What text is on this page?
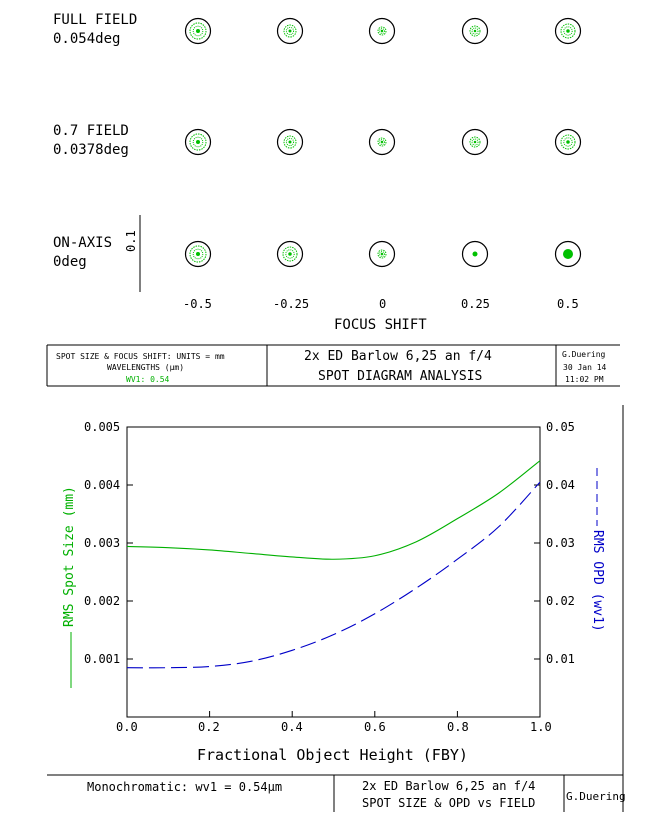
FULL FIELD
0.054deg
0.7 FIELD
0.0378deg
ON-AXIS
0deg
0.1
-0.5	-0.25	0	0.25	0.5
FOCUS SHIFT
SPOT SIZE & FOCUS SHIFT: UNITS = mm
WAVELENGTHS (µm)
WV1: 0.54
2x ED Barlow 6,25 an f/4
SPOT DIAGRAM ANALYSIS
G.Duering
30 Jan 14
11:02 PM
RMS Spot Size (mm)	RMS OPD (wv1)
Fractional Object Height (FBY)
0.0	0.2	0.4	0.6	0.8	1.0
0.001
0.002
0.003
0.004
0.005
0.01
0.02
0.03
0.04
0.05
Monochromatic: wv1 = 0.54µm	2x ED Barlow 6,25 an f/4
SPOT SIZE & OPD vs FIELD	G.Duering
